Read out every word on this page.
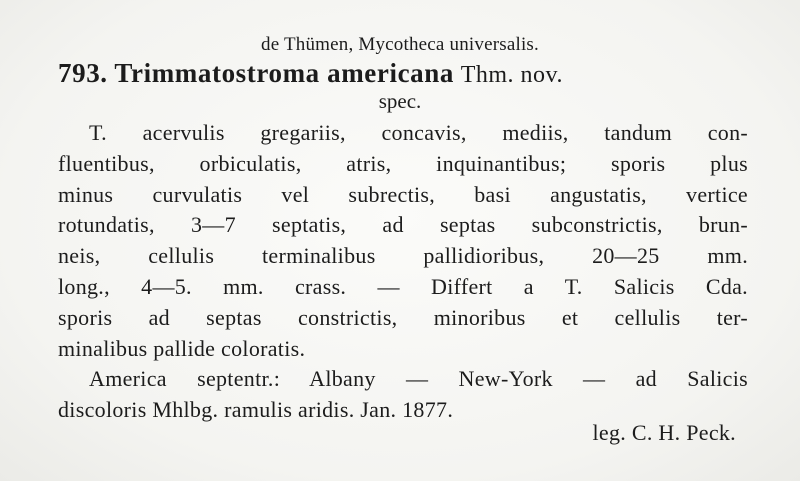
de Thümen, Mycotheca universalis.
793. Trimmatostroma americana Thm. nov.
spec.
T. acervulis gregariis, concavis, mediis, tandum con-
fluentibus, orbiculatis, atris, inquinantibus; sporis plus
minus curvulatis vel subrectis, basi angustatis, vertice
rotundatis, 3—7 septatis, ad septas subconstrictis, brun-
neis, cellulis terminalibus pallidioribus, 20—25 mm.
long., 4—5. mm. crass. — Differt a T. Salicis Cda.
sporis ad septas constrictis, minoribus et cellulis ter-
minalibus pallide coloratis.
America septentr.: Albany — New-York — ad Salicis
discoloris Mhlbg. ramulis aridis. Jan. 1877.
leg. C. H. Peck.
